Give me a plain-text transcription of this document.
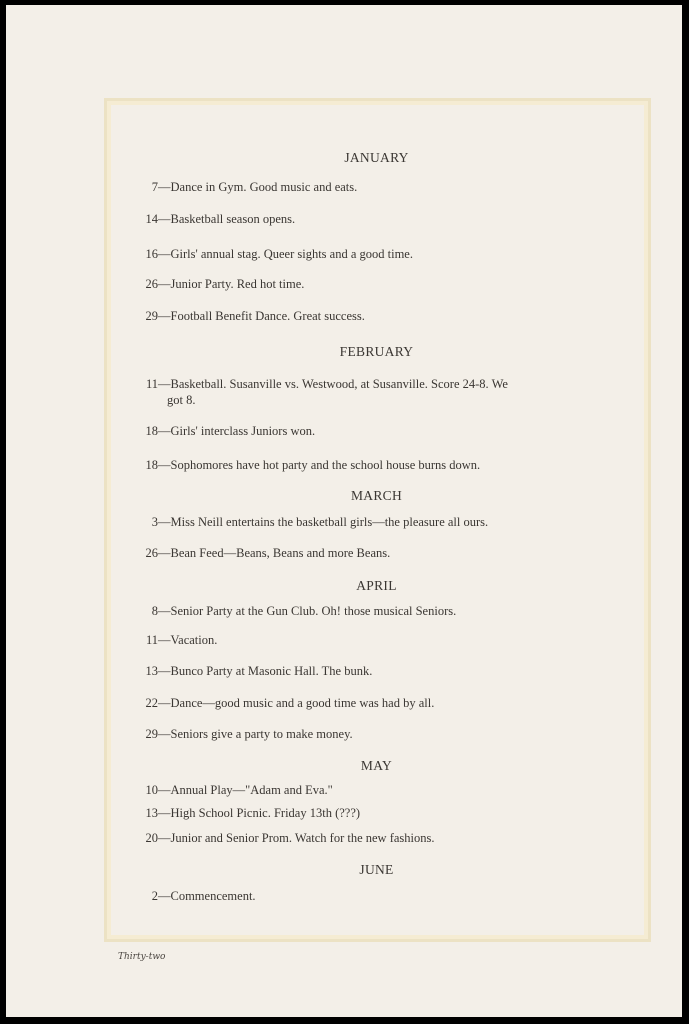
JANUARY
7—Dance in Gym. Good music and eats.
14—Basketball season opens.
16—Girls' annual stag. Queer sights and a good time.
26—Junior Party. Red hot time.
29—Football Benefit Dance. Great success.
FEBRUARY
11—Basketball. Susanville vs. Westwood, at Susanville. Score 24-8. We
got 8.
18—Girls' interclass Juniors won.
18—Sophomores have hot party and the school house burns down.
MARCH
3—Miss Neill entertains the basketball girls—the pleasure all ours.
26—Bean Feed—Beans, Beans and more Beans.
APRIL
8—Senior Party at the Gun Club. Oh! those musical Seniors.
11—Vacation.
13—Bunco Party at Masonic Hall. The bunk.
22—Dance—good music and a good time was had by all.
29—Seniors give a party to make money.
MAY
10—Annual Play—"Adam and Eva."
13—High School Picnic. Friday 13th (???)
20—Junior and Senior Prom. Watch for the new fashions.
JUNE
2—Commencement.
Thirty-two
